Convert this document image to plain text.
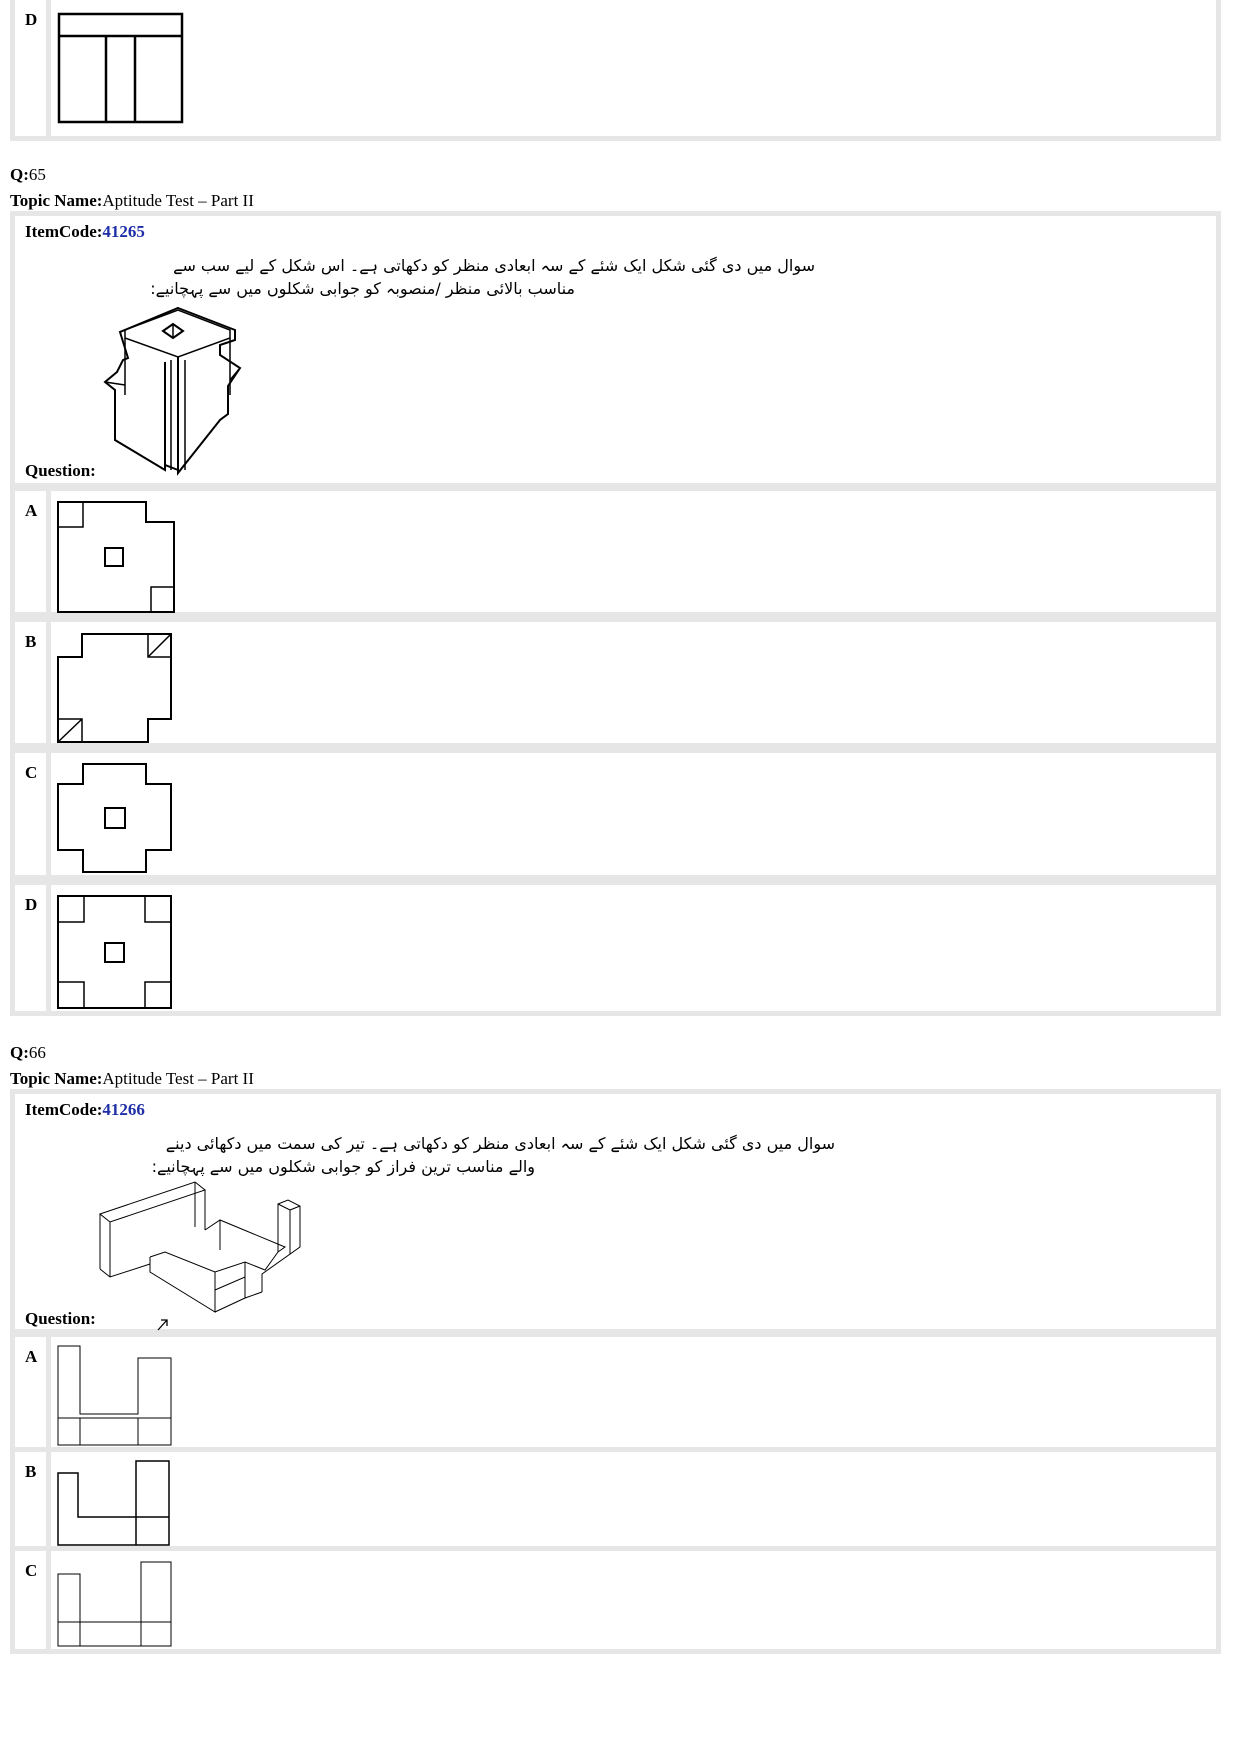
D
Q:65
Topic Name:Aptitude Test – Part II
ItemCode:41265
سوال میں دی گئی شکل ایک شئے کے سہ ابعادی منظر کو دکھاتی ہے۔ اس شکل کے لیے سب سے
مناسب بالائی منظر /منصوبہ کو جوابی شکلوں میں سے پہچانیے:
Question:
A
B
C
D
Q:66
Topic Name:Aptitude Test – Part II
ItemCode:41266
سوال میں دی گئی شکل ایک شئے کے سہ ابعادی منظر کو دکھاتی ہے۔ تیر کی سمت میں دکھائی دینے
والے مناسب ترین فراز کو جوابی شکلوں میں سے پہچانیے:
Question:
A
B
C
